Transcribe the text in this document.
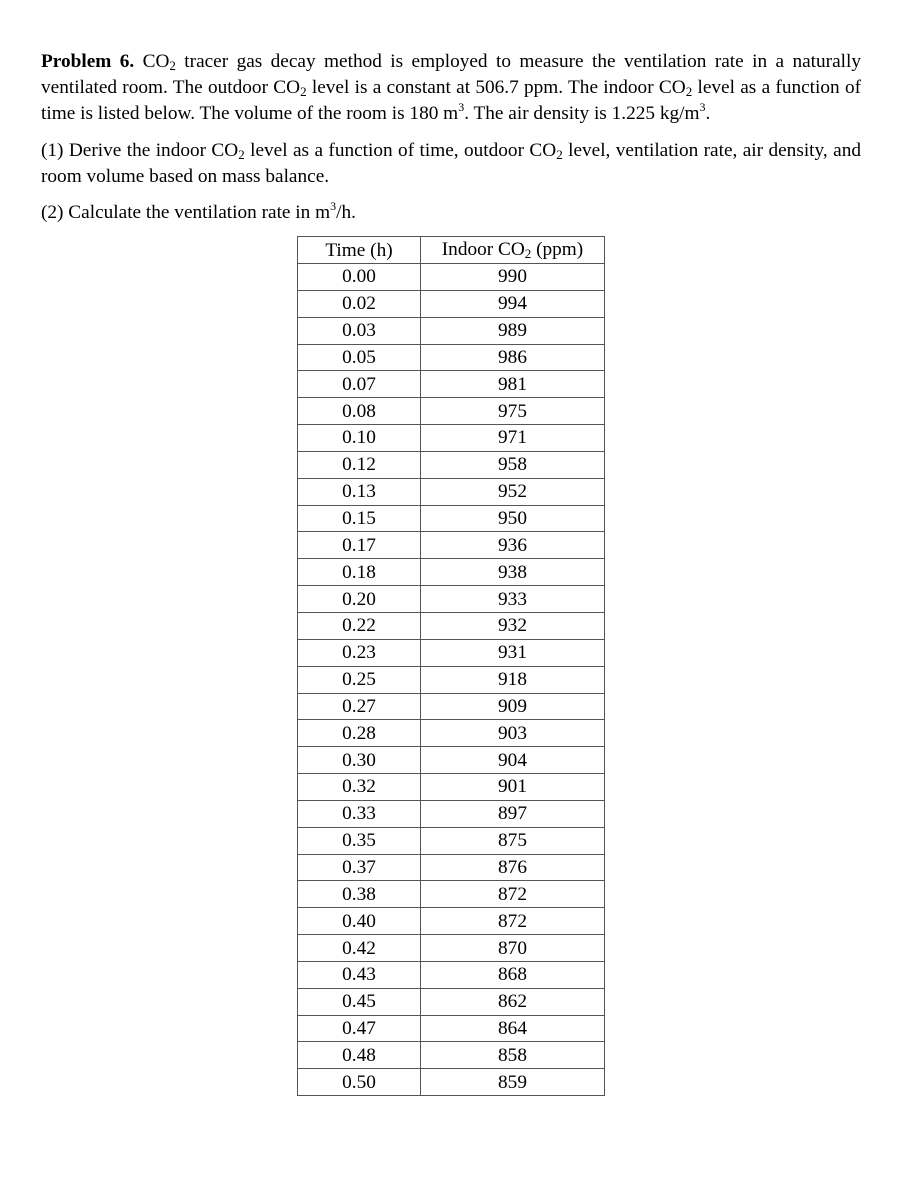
Problem 6. CO2 tracer gas decay method is employed to measure the ventilation rate in a naturally ventilated room. The outdoor CO2 level is a constant at 506.7 ppm. The indoor CO2 level as a function of time is listed below. The volume of the room is 180 $m^3$. The air density is 1.225 $kg/m^3$.

(1) Derive the indoor CO2 level as a function of time, outdoor CO2 level, ventilation rate, air density, and room volume based on mass balance.

(2) Calculate the ventilation rate in $m^3/h$.

Time (h)	Indoor CO2 (ppm)
0.00	990
0.02	994
0.03	989
0.05	986
0.07	981
0.08	975
0.10	971
0.12	958
0.13	952
0.15	950
0.17	936
0.18	938
0.20	933
0.22	932
0.23	931
0.25	918
0.27	909
0.28	903
0.30	904
0.32	901
0.33	897
0.35	875
0.37	876
0.38	872
0.40	872
0.42	870
0.43	868
0.45	862
0.47	864
0.48	858
0.50	859
